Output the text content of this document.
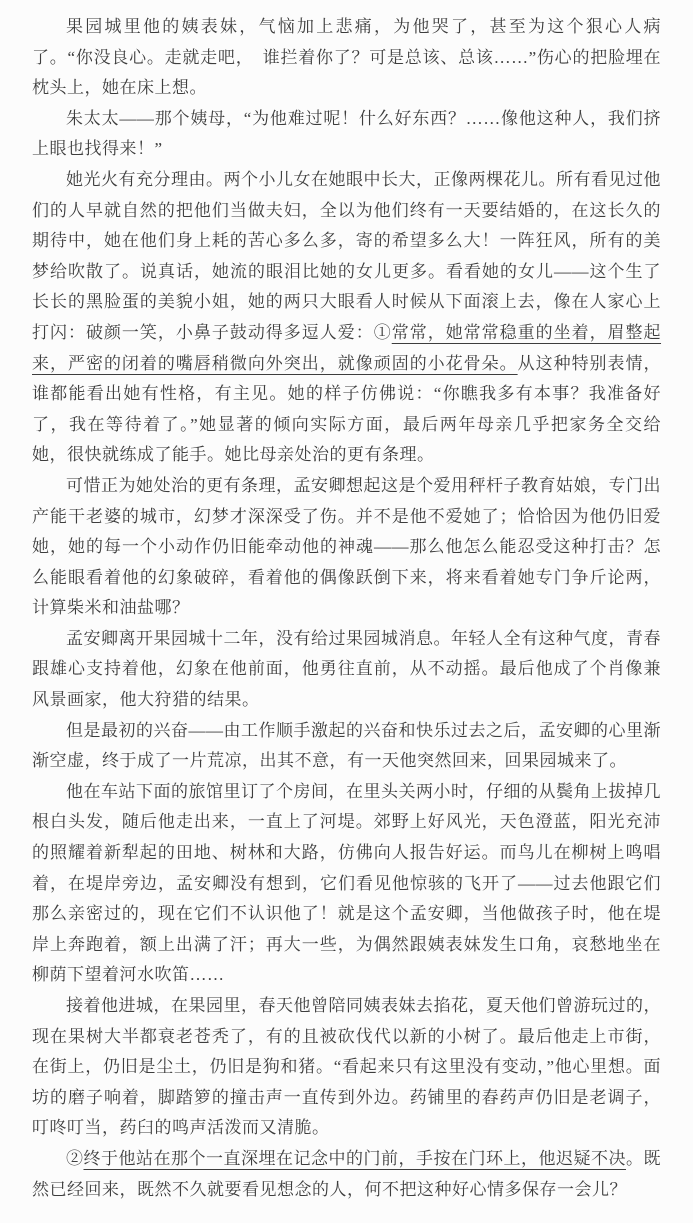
果园城里他的姨表妹，气恼加上悲痛，为他哭了，甚至为这个狠心人病了。“你没良心。走就走吧，　谁拦着你了？可是总该、总该……”伤心的把脸埋在枕头上，她在床上想。

朱太太——那个姨母，“为他难过呢！什么好东西？……像他这种人，我们挤上眼也找得来！”

她光火有充分理由。两个小儿女在她眼中长大，正像两棵花儿。所有看见过他们的人早就自然的把他们当做夫妇，全以为他们终有一天要结婚的，在这长久的期待中，她在他们身上耗的苦心多么多，寄的希望多么大！一阵狂风，所有的美梦给吹散了。说真话，她流的眼泪比她的女儿更多。看看她的女儿——这个生了长长的黑脸蛋的美貌小姐，她的两只大眼看人时候从下面滚上去，像在人家心上打闪：破颜一笑，小鼻子鼓动得多逗人爱：①常常，她常常稳重的坐着，眉整起来，严密的闭着的嘴唇稍微向外突出，就像顽固的小花骨朵。从这种特别表情，谁都能看出她有性格，有主见。她的样子仿佛说：“你瞧我多有本事？我准备好了，我在等待着了。”她显著的倾向实际方面，最后两年母亲几乎把家务全交给她，很快就练成了能手。她比母亲处治的更有条理。

可惜正为她处治的更有条理，孟安卿想起这是个爱用秤杆子教育姑娘，专门出产能干老婆的城市，幻梦才深深受了伤。并不是他不爱她了；恰恰因为他仍旧爱她，她的每一个小动作仍旧能牵动他的神魂——那么他怎么能忍受这种打击？怎么能眼看着他的幻象破碎，看着他的偶像跃倒下来，将来看着她专门争斤论两，计算柴米和油盐哪？

孟安卿离开果园城十二年，没有给过果园城消息。年轻人全有这种气度，青春跟雄心支持着他，幻象在他前面，他勇往直前，从不动摇。最后他成了个肖像兼风景画家，他大狩猎的结果。

但是最初的兴奋——由工作顺手激起的兴奋和快乐过去之后，孟安卿的心里渐渐空虚，终于成了一片荒凉，出其不意，有一天他突然回来，回果园城来了。

他在车站下面的旅馆里订了个房间，在里头关两小时，仔细的从鬓角上拔掉几根白头发，随后他走出来，一直上了河堤。郊野上好风光，天色澄蓝，阳光充沛的照耀着新犁起的田地、树林和大路，仿佛向人报告好运。而鸟儿在柳树上鸣唱着，在堤岸旁边，孟安卿没有想到，它们看见他惊骇的飞开了——过去他跟它们那么亲密过的，现在它们不认识他了！就是这个孟安卿，当他做孩子时，他在堤岸上奔跑着，额上出满了汗；再大一些，为偶然跟姨表妹发生口角，哀愁地坐在柳荫下望着河水吹笛……

接着他进城，在果园里，春天他曾陪同姨表妹去掐花，夏天他们曾游玩过的，现在果树大半都衰老苍秃了，有的且被砍伐代以新的小树了。最后他走上市街，在街上，仍旧是尘土，仍旧是狗和猪。“看起来只有这里没有变动，”他心里想。面坊的磨子响着，脚踏箩的撞击声一直传到外边。药铺里的舂药声仍旧是老调子，叮咚叮当，药臼的鸣声活泼而又清脆。

②终于他站在那个一直深埋在记念中的门前，手按在门环上，他迟疑不决。既然已经回来，既然不久就要看见想念的人，何不把这种好心情多保存一会儿？
